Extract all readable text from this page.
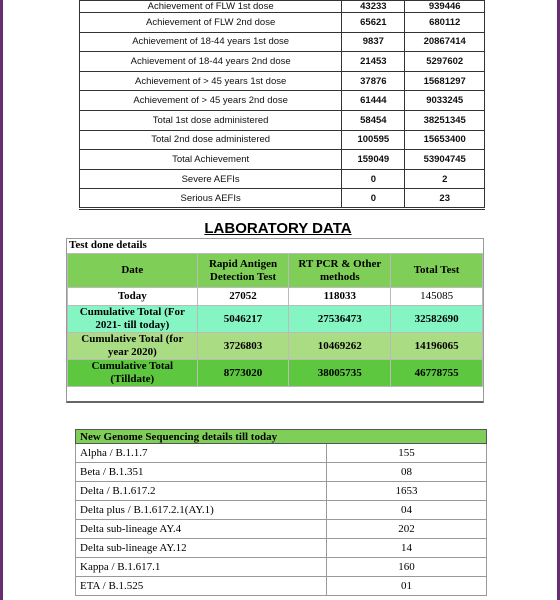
Achievement of FLW 1st dose	43233	939446
Achievement of FLW 2nd dose	65621	680112
Achievement of 18-44 years 1st dose	9837	20867414
Achievement of 18-44 years 2nd dose	21453	5297602
Achievement of > 45 years 1st dose	37876	15681297
Achievement of > 45 years 2nd dose	61444	9033245
Total 1st dose administered	58454	38251345
Total 2nd dose administered	100595	15653400
Total Achievement	159049	53904745
Severe AEFIs	0	2
Serious AEFIs	0	23
LABORATORY DATA
Test done details
Date	Rapid Antigen Detection Test	RT PCR & Other methods	Total Test
Today	27052	118033	145085
Cumulative Total (For 2021- till today)	5046217	27536473	32582690
Cumulative Total (for year 2020)	3726803	10469262	14196065
Cumulative Total (Tilldate)	8773020	38005735	46778755
New Genome Sequencing details till today	
Alpha / B.1.1.7	155
Beta / B.1.351	08
Delta / B.1.617.2	1653
Delta plus / B.1.617.2.1(AY.1)	04
Delta sub-lineage AY.4	202
Delta sub-lineage AY.12	14
Kappa / B.1.617.1	160
ETA / B.1.525	01
